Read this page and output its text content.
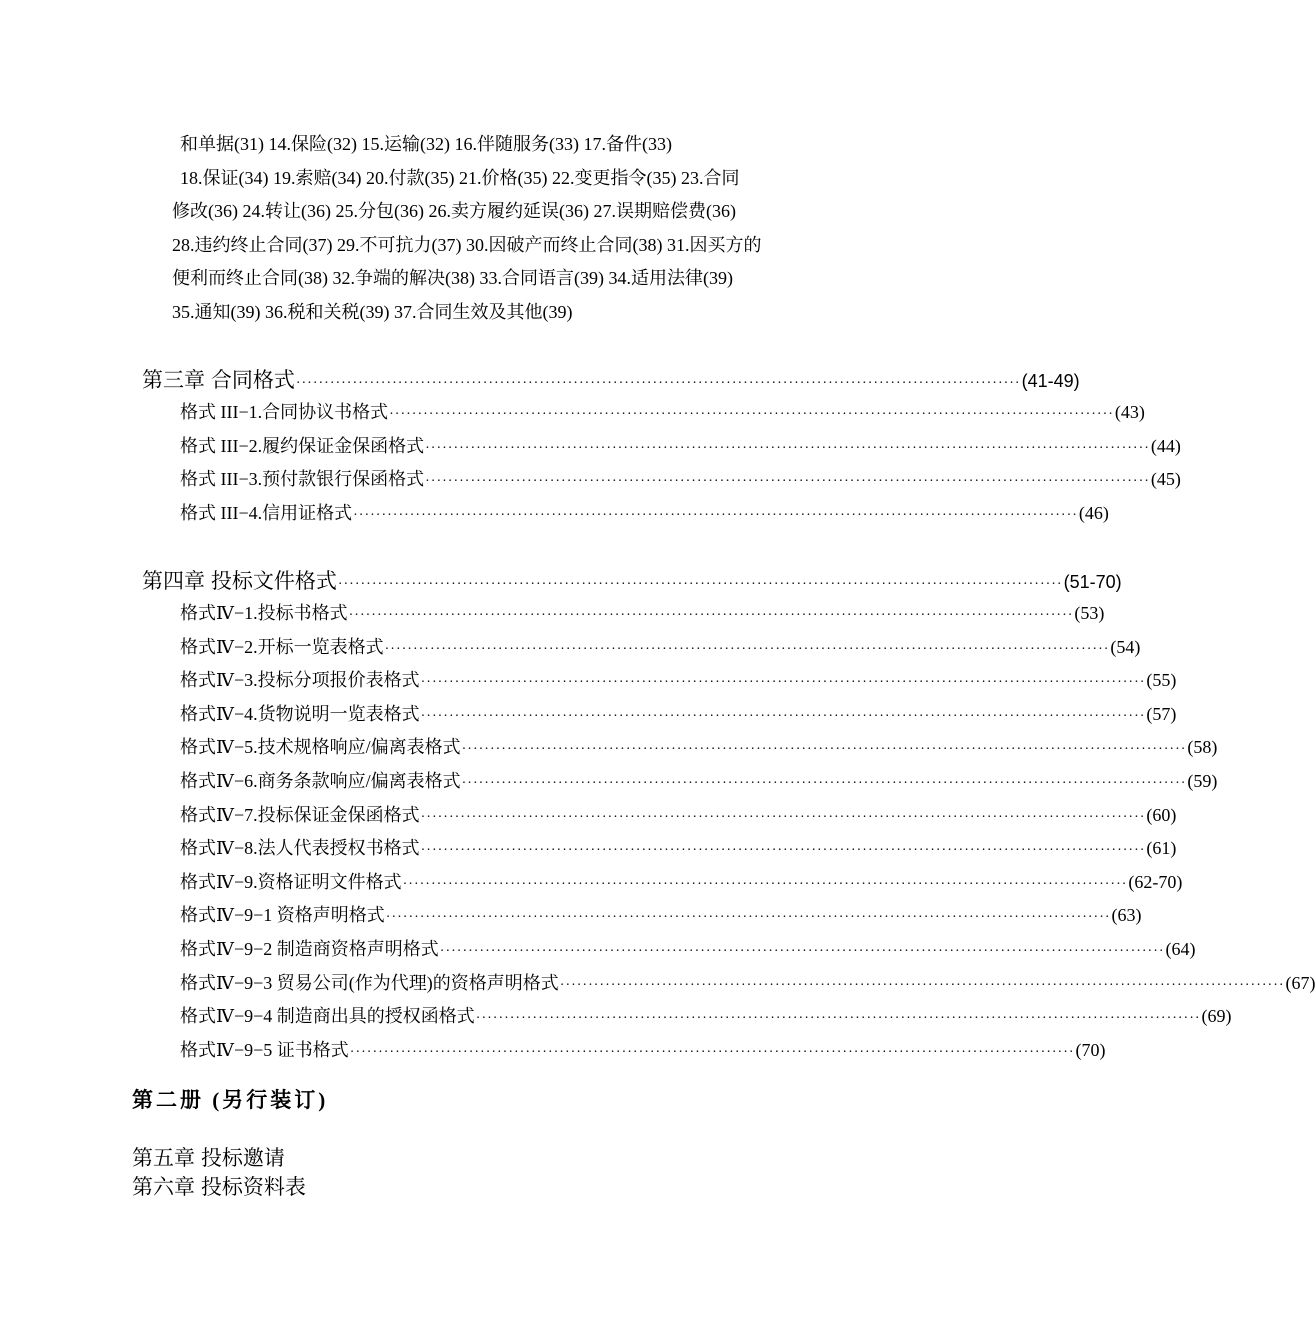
和单据(31) 14.保险(32) 15.运输(32) 16.伴随服务(33) 17.备件(33)
18.保证(34) 19.索赔(34) 20.付款(35) 21.价格(35) 22.变更指令(35) 23.合同
修改(36) 24.转让(36) 25.分包(36) 26.卖方履约延误(36) 27.误期赔偿费(36)
28.违约终止合同(37) 29.不可抗力(37) 30.因破产而终止合同(38) 31.因买方的
便利而终止合同(38) 32.争端的解决(38) 33.合同语言(39) 34.适用法律(39)
35.通知(39) 36.税和关税(39) 37.合同生效及其他(39)
第三章 合同格式 ································································································································ (41-49)
格式 III−1.合同协议书格式 ································································································································ (43)
格式 III−2.履约保证金保函格式 ································································································································ (44)
格式 III−3.预付款银行保函格式 ································································································································ (45)
格式 III−4.信用证格式 ································································································································ (46)
第四章 投标文件格式 ································································································································ (51-70)
格式Ⅳ−1.投标书格式 ································································································································ (53)
格式Ⅳ−2.开标一览表格式 ································································································································ (54)
格式Ⅳ−3.投标分项报价表格式 ································································································································ (55)
格式Ⅳ−4.货物说明一览表格式 ································································································································ (57)
格式Ⅳ−5.技术规格响应/偏离表格式 ································································································································ (58)
格式Ⅳ−6.商务条款响应/偏离表格式 ································································································································ (59)
格式Ⅳ−7.投标保证金保函格式 ································································································································ (60)
格式Ⅳ−8.法人代表授权书格式 ································································································································ (61)
格式Ⅳ−9.资格证明文件格式 ································································································································ (62-70)
格式Ⅳ−9−1 资格声明格式 ································································································································ (63)
格式Ⅳ−9−2 制造商资格声明格式 ································································································································ (64)
格式Ⅳ−9−3 贸易公司(作为代理)的资格声明格式 ································································································································ (67)
格式Ⅳ−9−4 制造商出具的授权函格式 ································································································································ (69)
格式Ⅳ−9−5 证书格式 ································································································································ (70)
第二册 (另行装订)
第五章 投标邀请
第六章 投标资料表
